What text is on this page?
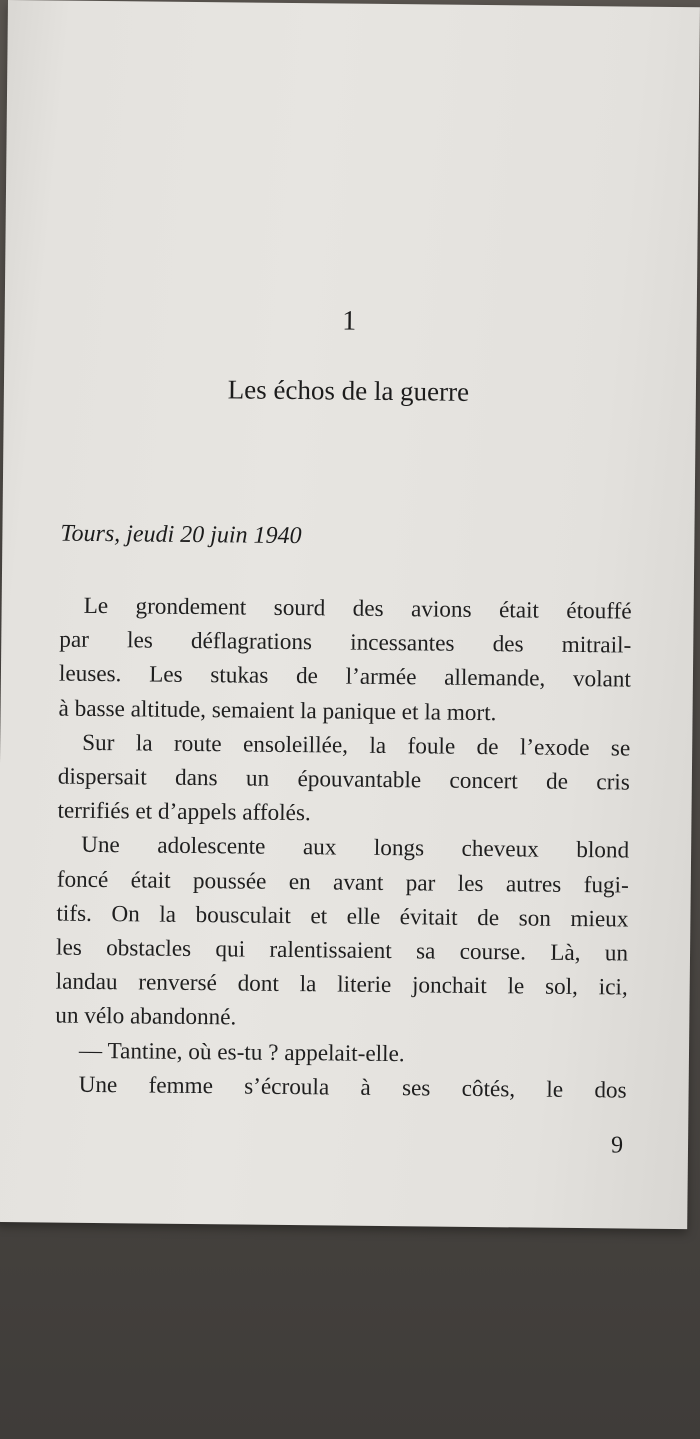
1
Les échos de la guerre
Tours, jeudi 20 juin 1940
Le grondement sourd des avions était étouffé
par les déflagrations incessantes des mitrail-
leuses. Les stukas de l’armée allemande, volant
à basse altitude, semaient la panique et la mort.
Sur la route ensoleillée, la foule de l’exode se
dispersait dans un épouvantable concert de cris
terrifiés et d’appels affolés.
Une adolescente aux longs cheveux blond
foncé était poussée en avant par les autres fugi-
tifs. On la bousculait et elle évitait de son mieux
les obstacles qui ralentissaient sa course. Là, un
landau renversé dont la literie jonchait le sol, ici,
un vélo abandonné.
— Tantine, où es-tu ? appelait-elle.
Une femme s’écroula à ses côtés, le dos
9
